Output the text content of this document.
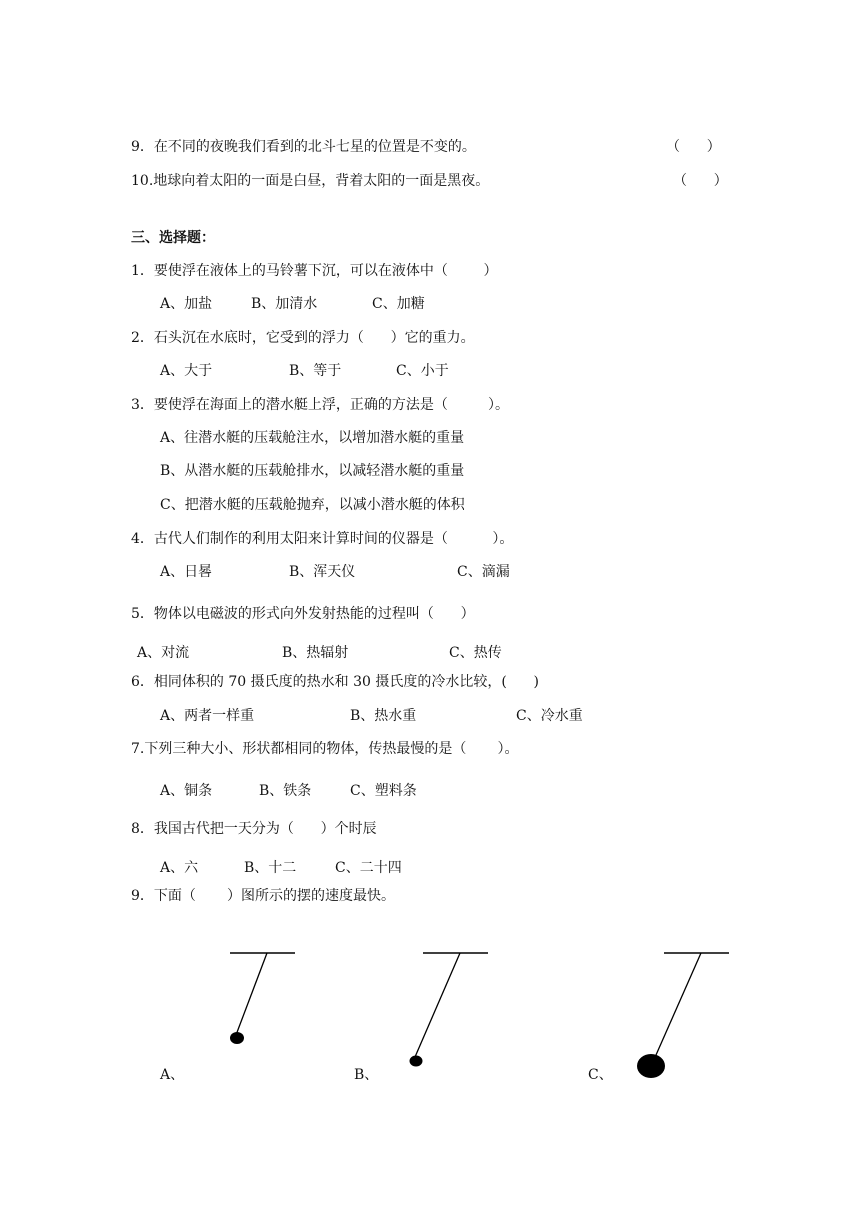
9．在不同的夜晚我们看到的北斗七星的位置是不变的。	（      ）
10.地球向着太阳的一面是白昼，背着太阳的一面是黑夜。	（      ）
三、选择题：
1．要使浮在液体上的马铃薯下沉，可以在液体中（        ）
A、加盐	B、加清水	C、加糖
2．石头沉在水底时，它受到的浮力（      ）它的重力。
A、大于	B、等于	C、小于
3．要使浮在海面上的潜水艇上浮，正确的方法是（         ）。
A、往潜水艇的压载舱注水，以增加潜水艇的重量
B、从潜水艇的压载舱排水，以减轻潜水艇的重量
C、把潜水艇的压载舱抛弃，以减小潜水艇的体积
4．古代人们制作的利用太阳来计算时间的仪器是（          ）。
A、日晷	B、浑天仪	C、滴漏
5．物体以电磁波的形式向外发射热能的过程叫（      ）
A、对流	B、热辐射	C、热传
6．相同体积的 70 摄氏度的热水和 30 摄氏度的冷水比较，(      )
A、两者一样重	B、热水重	C、冷水重
7.下列三种大小、形状都相同的物体，传热最慢的是（       ）。
A、铜条	B、铁条	C、塑料条
8．我国古代把一天分为（      ）个时辰
A、六	B、十二	C、二十四
9．下面（       ）图所示的摆的速度最快。
A、	B、	C、
